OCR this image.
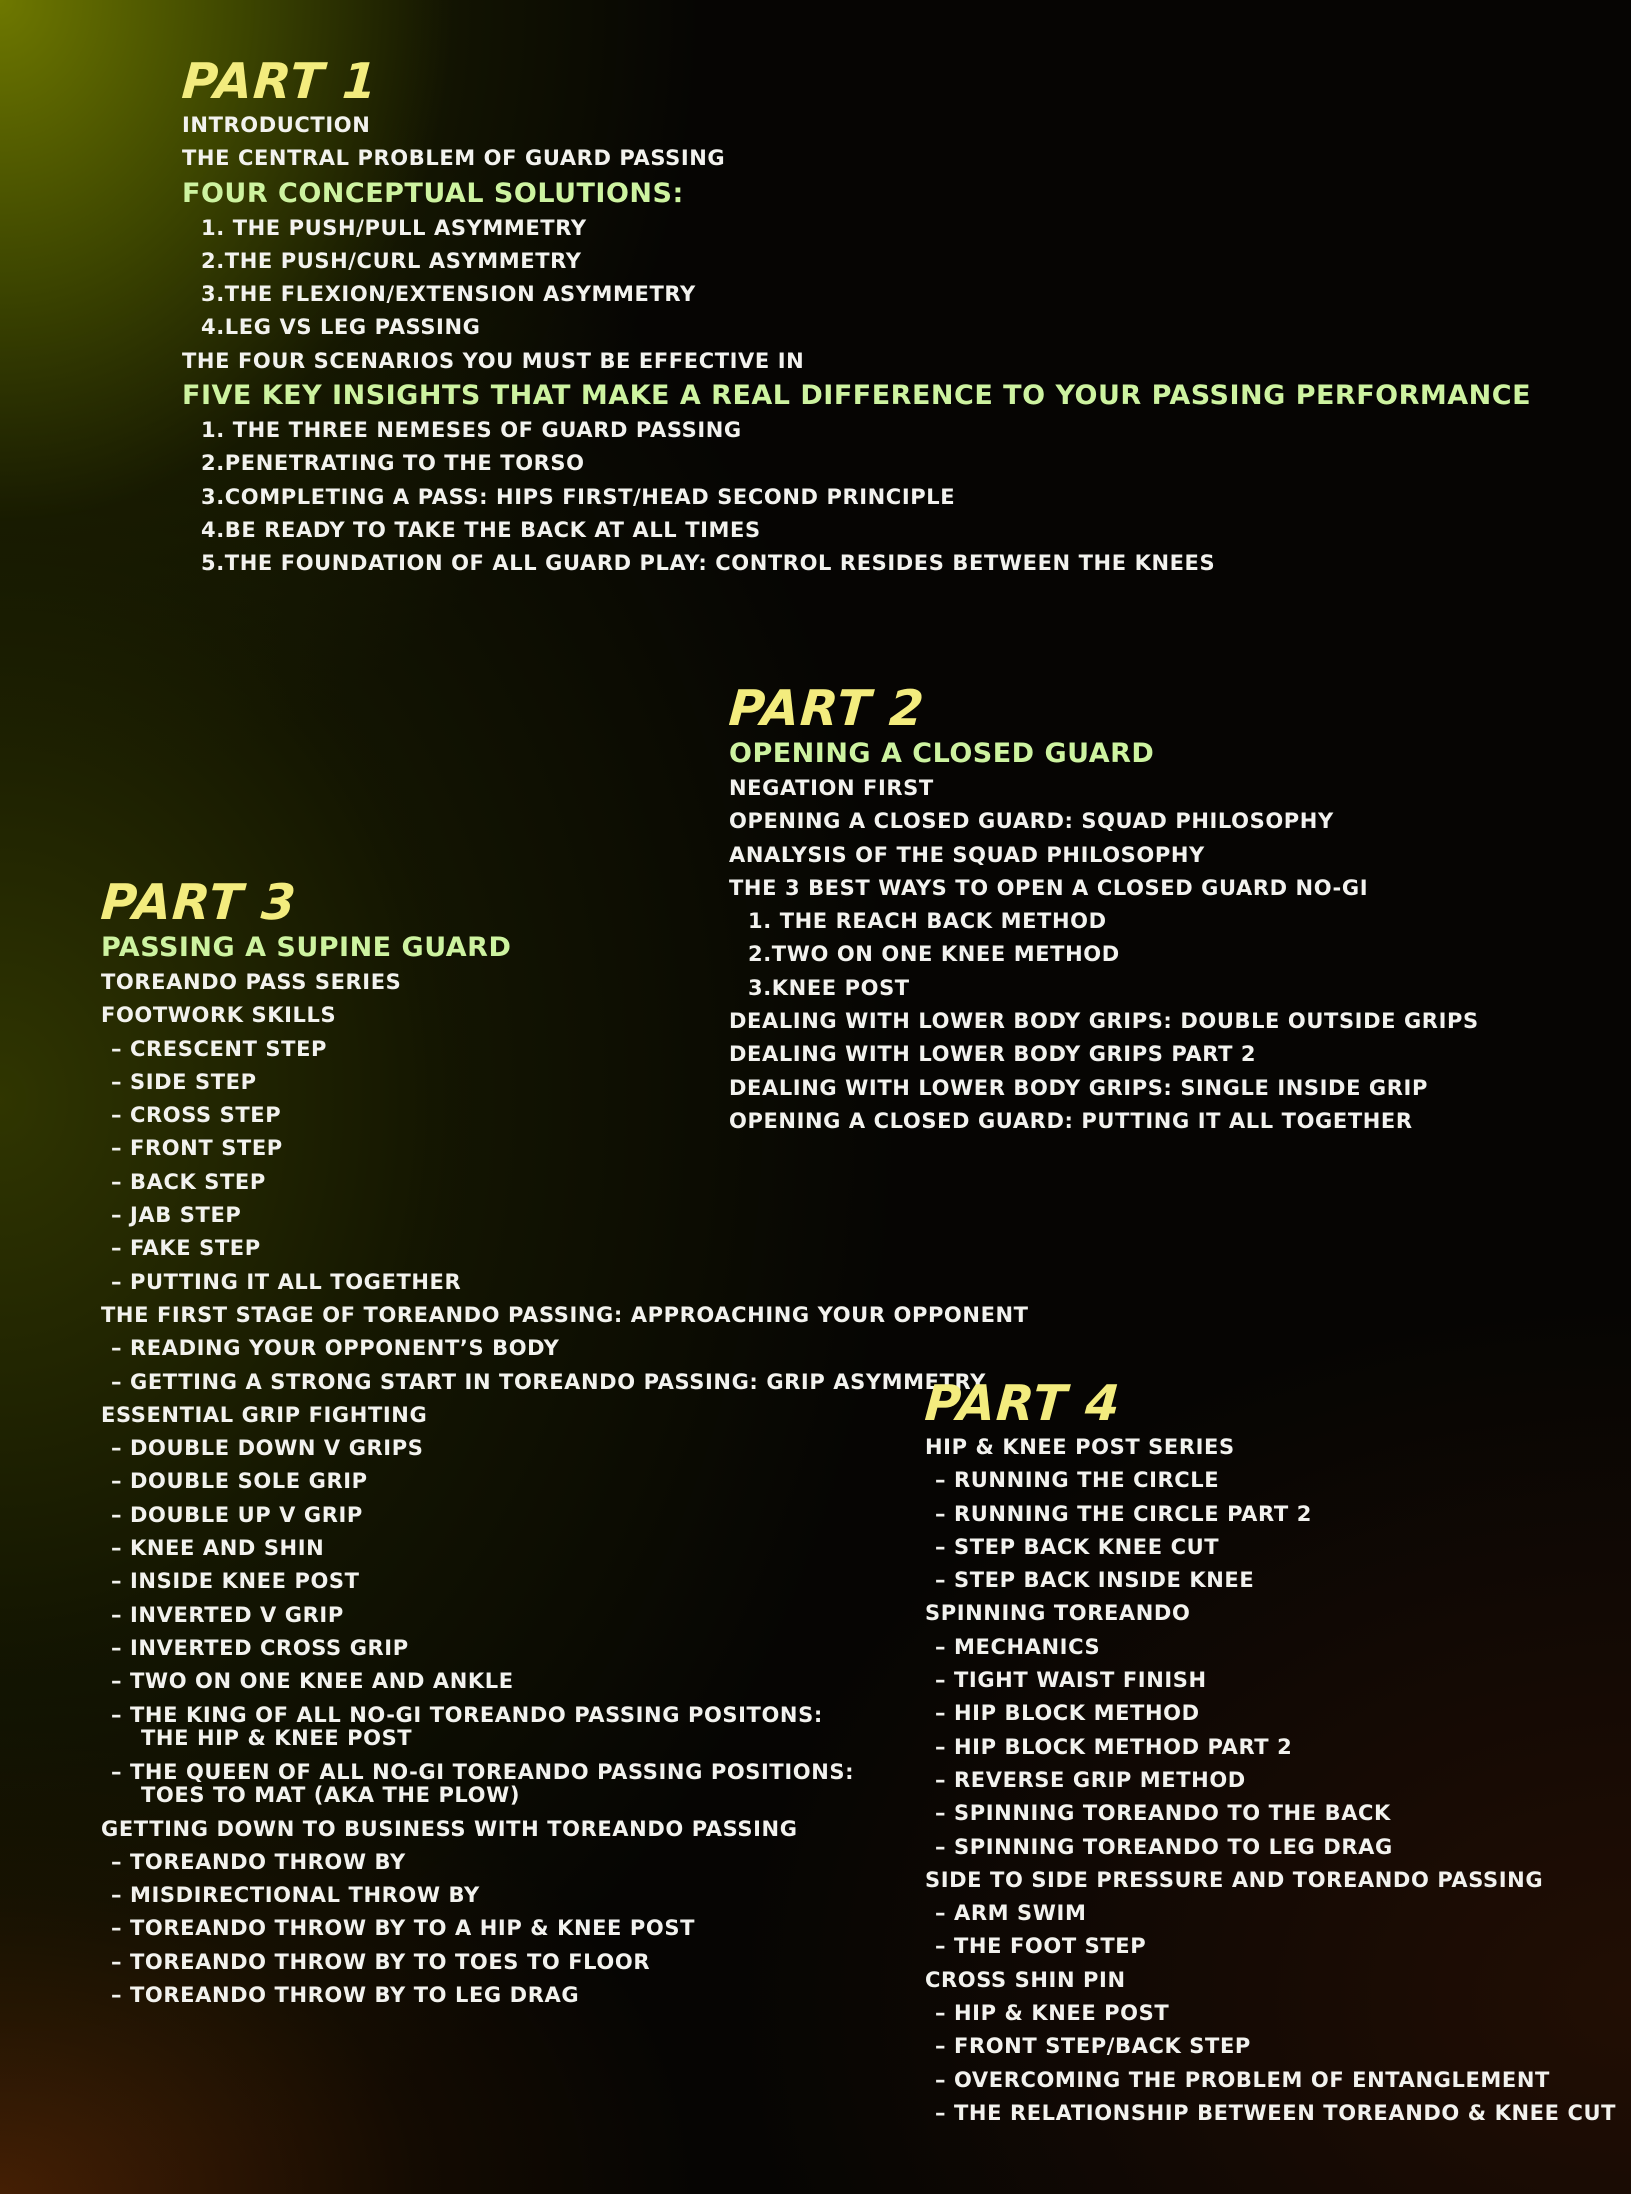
PART 1
INTRODUCTION
THE CENTRAL PROBLEM OF GUARD PASSING
FOUR CONCEPTUAL SOLUTIONS:
1. THE PUSH/PULL ASYMMETRY
2.THE PUSH/CURL ASYMMETRY
3.THE FLEXION/EXTENSION ASYMMETRY
4.LEG VS LEG PASSING
THE FOUR SCENARIOS YOU MUST BE EFFECTIVE IN
FIVE KEY INSIGHTS THAT MAKE A REAL DIFFERENCE TO YOUR PASSING PERFORMANCE
1. THE THREE NEMESES OF GUARD PASSING
2.PENETRATING TO THE TORSO
3.COMPLETING A PASS: HIPS FIRST/HEAD SECOND PRINCIPLE
4.BE READY TO TAKE THE BACK AT ALL TIMES
5.THE FOUNDATION OF ALL GUARD PLAY: CONTROL RESIDES BETWEEN THE KNEES
PART 2
OPENING A CLOSED GUARD
NEGATION FIRST
OPENING A CLOSED GUARD: SQUAD PHILOSOPHY
ANALYSIS OF THE SQUAD PHILOSOPHY
THE 3 BEST WAYS TO OPEN A CLOSED GUARD NO-GI
1. THE REACH BACK METHOD
2.TWO ON ONE KNEE METHOD
3.KNEE POST
DEALING WITH LOWER BODY GRIPS: DOUBLE OUTSIDE GRIPS
DEALING WITH LOWER BODY GRIPS PART 2
DEALING WITH LOWER BODY GRIPS: SINGLE INSIDE GRIP
OPENING A CLOSED GUARD: PUTTING IT ALL TOGETHER
PART 3
PASSING A SUPINE GUARD
TOREANDO PASS SERIES
FOOTWORK SKILLS
– CRESCENT STEP
– SIDE STEP
– CROSS STEP
– FRONT STEP
– BACK STEP
– JAB STEP
– FAKE STEP
– PUTTING IT ALL TOGETHER
THE FIRST STAGE OF TOREANDO PASSING: APPROACHING YOUR OPPONENT
– READING YOUR OPPONENT’S BODY
– GETTING A STRONG START IN TOREANDO PASSING: GRIP ASYMMETRY
ESSENTIAL GRIP FIGHTING
– DOUBLE DOWN V GRIPS
– DOUBLE SOLE GRIP
– DOUBLE UP V GRIP
– KNEE AND SHIN
– INSIDE KNEE POST
– INVERTED V GRIP
– INVERTED CROSS GRIP
– TWO ON ONE KNEE AND ANKLE
– THE KING OF ALL NO-GI TOREANDO PASSING POSITONS:
THE HIP & KNEE POST
– THE QUEEN OF ALL NO-GI TOREANDO PASSING POSITIONS:
TOES TO MAT (AKA THE PLOW)
GETTING DOWN TO BUSINESS WITH TOREANDO PASSING
– TOREANDO THROW BY
– MISDIRECTIONAL THROW BY
– TOREANDO THROW BY TO A HIP & KNEE POST
– TOREANDO THROW BY TO TOES TO FLOOR
– TOREANDO THROW BY TO LEG DRAG
PART 4
HIP & KNEE POST SERIES
– RUNNING THE CIRCLE
– RUNNING THE CIRCLE PART 2
– STEP BACK KNEE CUT
– STEP BACK INSIDE KNEE
SPINNING TOREANDO
– MECHANICS
– TIGHT WAIST FINISH
– HIP BLOCK METHOD
– HIP BLOCK METHOD PART 2
– REVERSE GRIP METHOD
– SPINNING TOREANDO TO THE BACK
– SPINNING TOREANDO TO LEG DRAG
SIDE TO SIDE PRESSURE AND TOREANDO PASSING
– ARM SWIM
– THE FOOT STEP
CROSS SHIN PIN
– HIP & KNEE POST
– FRONT STEP/BACK STEP
– OVERCOMING THE PROBLEM OF ENTANGLEMENT
– THE RELATIONSHIP BETWEEN TOREANDO & KNEE CUT
